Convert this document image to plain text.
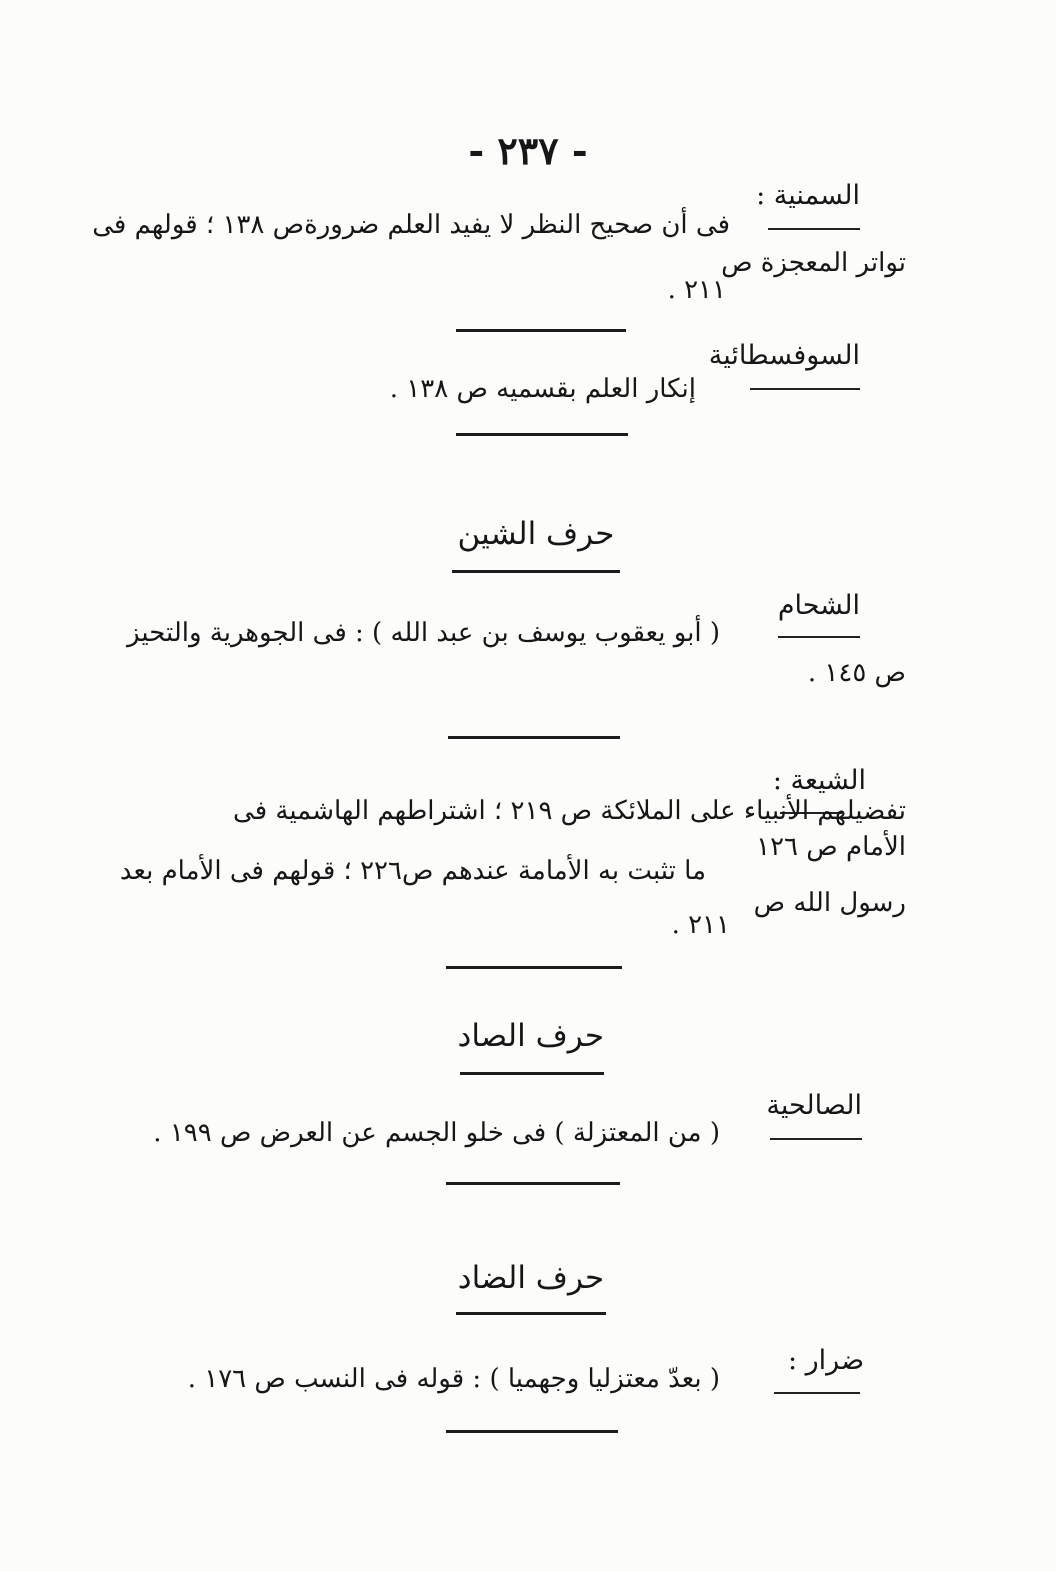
- ٢٣٧ -
السمنية :
فى أن صحيح النظر لا يفيد العلم ضرورةص ١٣٨ ؛ قولهم فى
تواتر المعجزة ص
٢١١ .
السوفسطائية
إنكار العلم بقسميه ص ١٣٨ .
حرف الشين
الشحام
( أبو يعقوب يوسف بن عبد الله ) : فى الجوهرية والتحيز
ص ١٤٥ .
الشيعة :
تفضيلهم الأنبياء على الملائكة ص ٢١٩ ؛ اشتراطهم الهاشمية فى
الأمام ص ١٢٦
ما تثبت به الأمامة عندهم ص٢٢٦ ؛ قولهم فى الأمام بعد
رسول الله ص
٢١١ .
حرف الصاد
الصالحية
( من المعتزلة ) فى خلو الجسم عن العرض ص ١٩٩ .
حرف الضاد
ضرار :
( بعدّ معتزليا وجهميا ) : قوله فى النسب ص ١٧٦ .
